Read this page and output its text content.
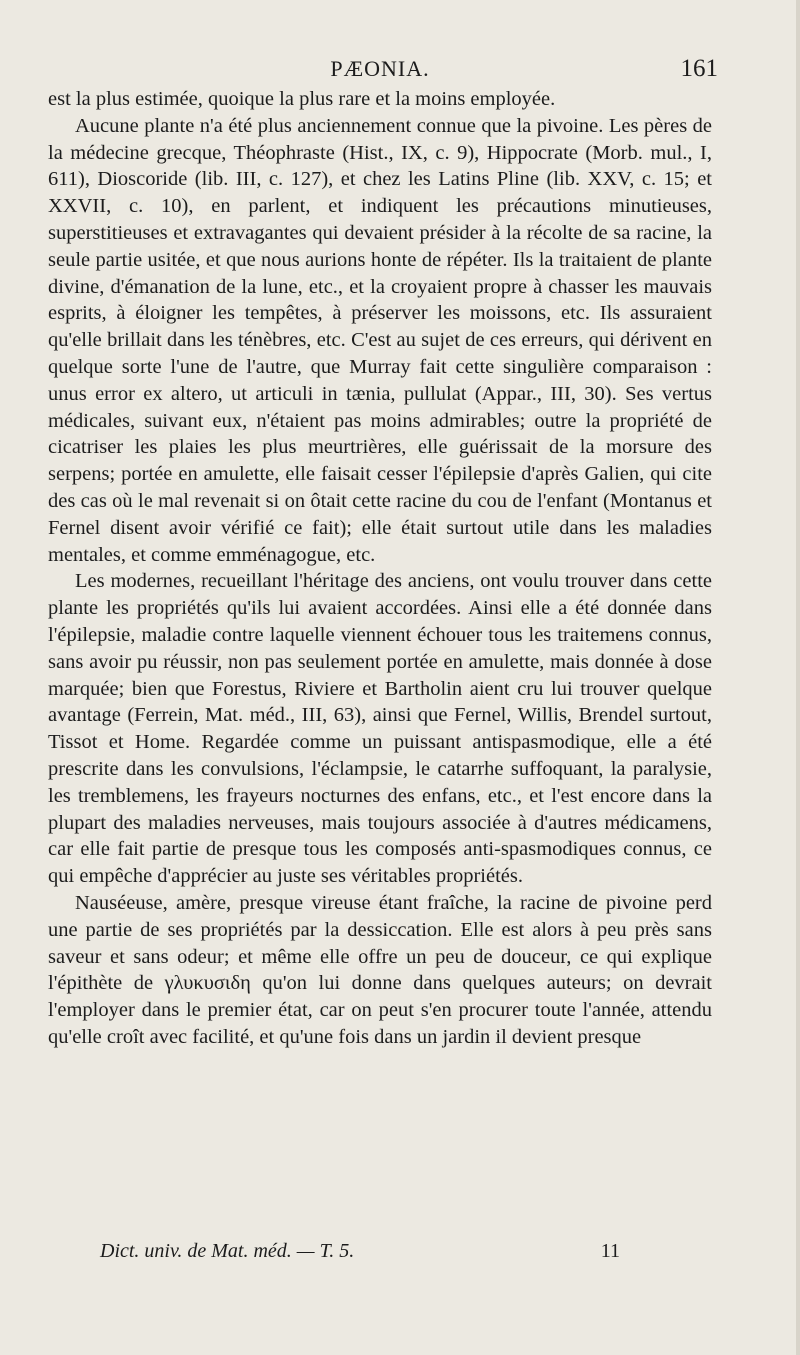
PÆONIA.	161

est la plus estimée, quoique la plus rare et la moins employée.

Aucune plante n'a été plus anciennement connue que la pivoine. Les pères de la médecine grecque, Théophraste (Hist., IX, c. 9), Hippocrate (Morb. mul., I, 611), Dioscoride (lib. III, c. 127), et chez les Latins Pline (lib. XXV, c. 15; et XXVII, c. 10), en parlent, et indiquent les précautions minutieuses, superstitieuses et extravagantes qui devaient présider à la récolte de sa racine, la seule partie usitée, et que nous aurions honte de répéter. Ils la traitaient de plante divine, d'émanation de la lune, etc., et la croyaient propre à chasser les mauvais esprits, à éloigner les tempêtes, à préserver les moissons, etc. Ils assuraient qu'elle brillait dans les ténèbres, etc. C'est au sujet de ces erreurs, qui dérivent en quelque sorte l'une de l'autre, que Murray fait cette singulière comparaison : unus error ex altero, ut articuli in tænia, pullulat (Appar., III, 30). Ses vertus médicales, suivant eux, n'étaient pas moins admirables; outre la propriété de cicatriser les plaies les plus meurtrières, elle guérissait de la morsure des serpens; portée en amulette, elle faisait cesser l'épilepsie d'après Galien, qui cite des cas où le mal revenait si on ôtait cette racine du cou de l'enfant (Montanus et Fernel disent avoir vérifié ce fait); elle était surtout utile dans les maladies mentales, et comme emménagogue, etc.

Les modernes, recueillant l'héritage des anciens, ont voulu trouver dans cette plante les propriétés qu'ils lui avaient accordées. Ainsi elle a été donnée dans l'épilepsie, maladie contre laquelle viennent échouer tous les traitemens connus, sans avoir pu réussir, non pas seulement portée en amulette, mais donnée à dose marquée; bien que Forestus, Riviere et Bartholin aient cru lui trouver quelque avantage (Ferrein, Mat. méd., III, 63), ainsi que Fernel, Willis, Brendel surtout, Tissot et Home. Regardée comme un puissant antispasmodique, elle a été prescrite dans les convulsions, l'éclampsie, le catarrhe suffoquant, la paralysie, les tremblemens, les frayeurs nocturnes des enfans, etc., et l'est encore dans la plupart des maladies nerveuses, mais toujours associée à d'autres médicamens, car elle fait partie de presque tous les composés anti-spasmodiques connus, ce qui empêche d'apprécier au juste ses véritables propriétés.

Nauséeuse, amère, presque vireuse étant fraîche, la racine de pivoine perd une partie de ses propriétés par la dessiccation. Elle est alors à peu près sans saveur et sans odeur; et même elle offre un peu de douceur, ce qui explique l'épithète de γλυκυσιδη qu'on lui donne dans quelques auteurs; on devrait l'employer dans le premier état, car on peut s'en procurer toute l'année, attendu qu'elle croît avec facilité, et qu'une fois dans un jardin il devient presque

Dict. univ. de Mat. méd. — T. 5.	11
